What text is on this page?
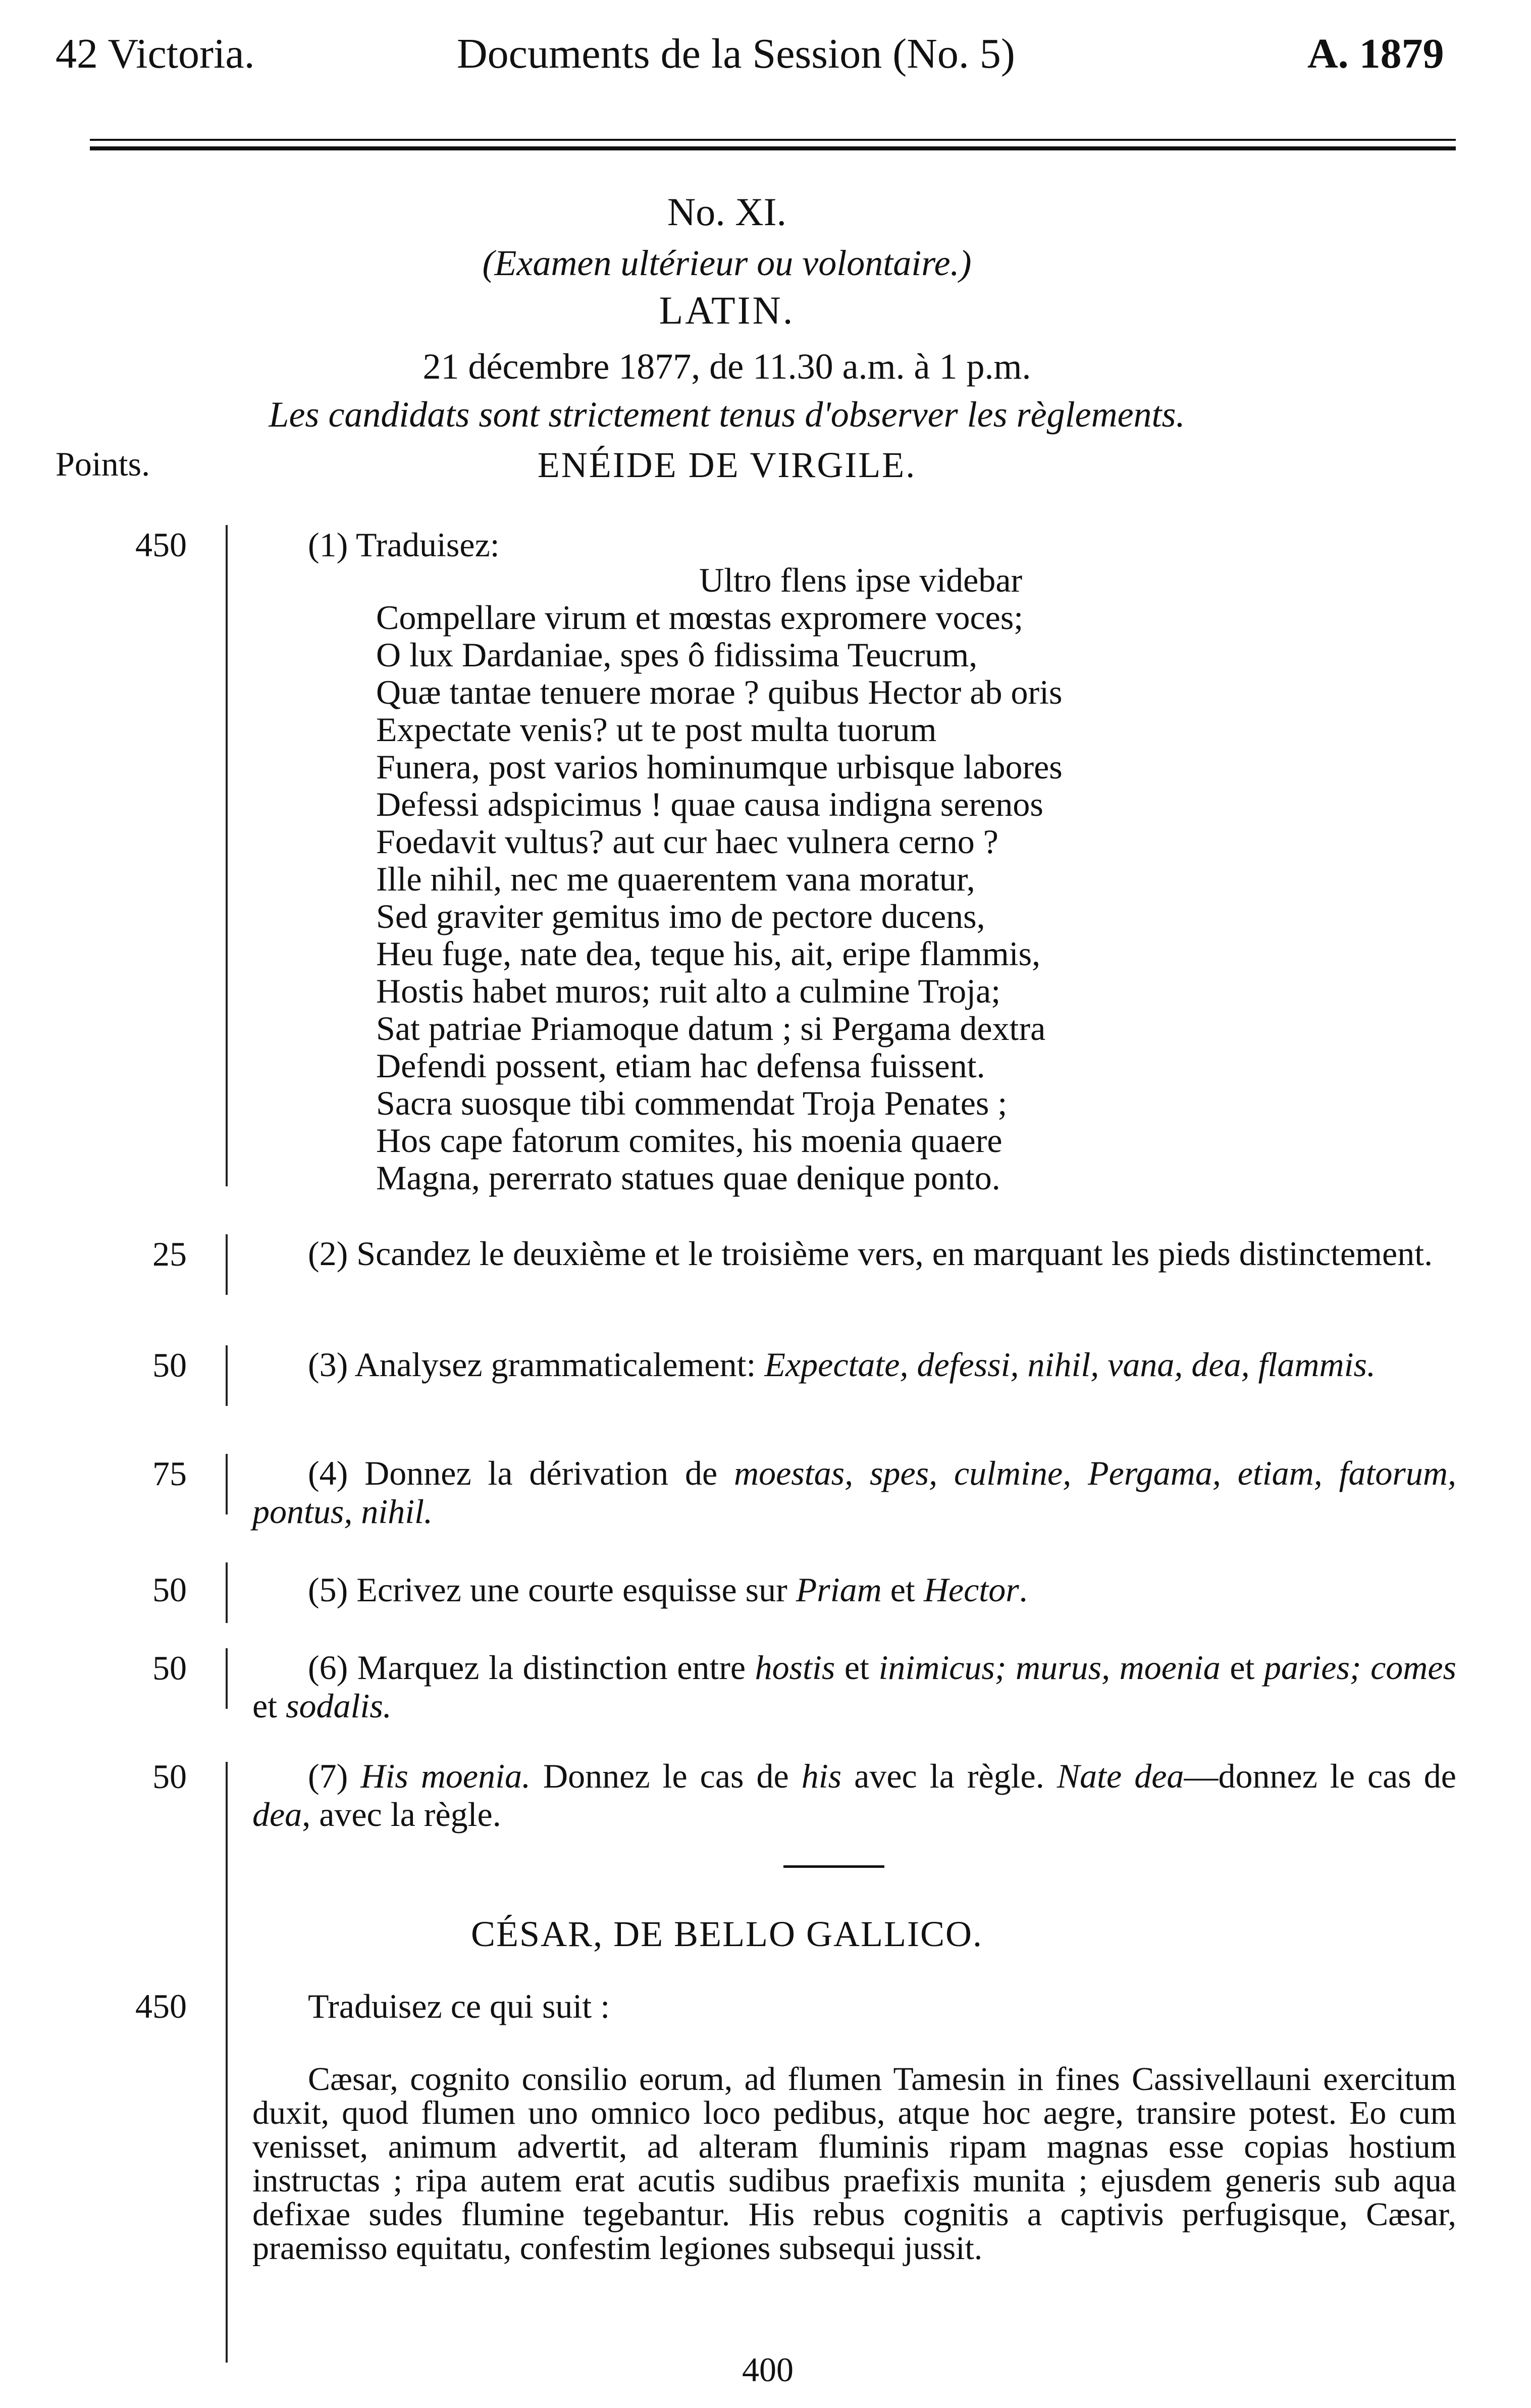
42 Victoria.	Documents de la Session (No. 5)	A. 1879
No. XI.
(Examen ultérieur ou volontaire.)
LATIN.
21 décembre 1877, de 11.30 a.m. à 1 p.m.
Les candidats sont strictement tenus d'observer les règlements.
Points.	ENÉIDE DE VIRGILE.
450	(1) Traduisez:
Ultro flens ipse videbar
Compellare virum et mœstas expromere voces;
O lux Dardaniae, spes ô fidissima Teucrum,
Quæ tantae tenuere morae ? quibus Hector ab oris
Expectate venis? ut te post multa tuorum
Funera, post varios hominumque urbisque labores
Defessi adspicimus ! quae causa indigna serenos
Foedavit vultus? aut cur haec vulnera cerno ?
Ille nihil, nec me quaerentem vana moratur,
Sed graviter gemitus imo de pectore ducens,
Heu fuge, nate dea, teque his, ait, eripe flammis,
Hostis habet muros; ruit alto a culmine Troja;
Sat patriae Priamoque datum ; si Pergama dextra
Defendi possent, etiam hac defensa fuissent.
Sacra suosque tibi commendat Troja Penates ;
Hos cape fatorum comites, his moenia quaere
Magna, pererrato statues quae denique ponto.
25	(2) Scandez le deuxième et le troisième vers, en marquant les pieds distinctement.
50	(3) Analysez grammaticalement: Expectate, defessi, nihil, vana, dea, flammis.
75	(4) Donnez la dérivation de moestas, spes, culmine, Pergama, etiam, fatorum, pontus, nihil.
50	(5) Ecrivez une courte esquisse sur Priam et Hector.
50	(6) Marquez la distinction entre hostis et inimicus; murus, moenia et paries; comes et sodalis.
50	(7) His moenia. Donnez le cas de his avec la règle. Nate dea—donnez le cas de dea, avec la règle.
CÉSAR, DE BELLO GALLICO.
450	Traduisez ce qui suit :
Cæsar, cognito consilio eorum, ad flumen Tamesin in fines Cassivellauni exercitum duxit, quod flumen uno omnico loco pedibus, atque hoc aegre, transire potest. Eo cum venisset, animum advertit, ad alteram fluminis ripam magnas esse copias hostium instructas ; ripa autem erat acutis sudibus praefixis munita ; ejusdem generis sub aqua defixae sudes flumine tegebantur. His rebus cognitis a captivis perfugisque, Cæsar, praemisso equitatu, confestim legiones subsequi jussit.
400
